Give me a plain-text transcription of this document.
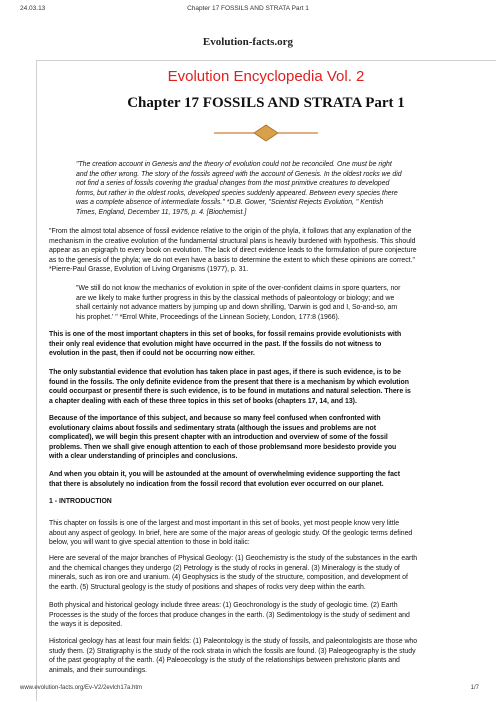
24.03.13	Chapter 17 FOSSILS AND STRATA Part 1
Evolution-facts.org
Evolution Encyclopedia Vol. 2
Chapter 17 FOSSILS AND STRATA Part 1
"The creation account in Genesis and the theory of evolution could not be reconciled. One must be right
and the other wrong. The story of the fossils agreed with the account of Genesis. In the oldest rocks we did
not find a series of fossils covering the gradual changes from the most primitive creatures to developed
forms, but rather in the oldest rocks, developed species suddenly appeared. Between every species there
was a complete absence of intermediate fossils." *D.B. Gower, "Scientist Rejects Evolution, " Kentish
Times, England, December 11, 1975, p. 4. [Biochemist.]
"From the almost total absence of fossil evidence relative to the origin of the phyla, it follows that any explanation of the
mechanism in the creative evolution of the fundamental structural plans is heavily burdened with hypothesis. This should
appear as an epigraph to every book on evolution. The lack of direct evidence leads to the formulation of pure conjecture
as to the genesis of the phyla; we do not even have a basis to determine the extent to which these opinions are correct."
*Pierre-Paul Grasse, Evolution of Living Organisms (1977), p. 31.
"We still do not know the mechanics of evolution in spite of the over-confident claims in spore quarters, nor
are we likely to make further progress in this by the classical methods of paleontology or biology; and we
shall certainly not advance matters by jumping up and down shrilling, 'Darwin is god and I, So-and-so, am
his prophet.' " *Errol White, Proceedings of the Linnean Society, London, 177:8 (1966).
This is one of the most important chapters in this set of books, for fossil remains provide evolutionists with
their only real evidence that evolution might have occurred in the past. If the fossils do not witness to
evolution in the past, then if could not be occurring now either.
The only substantial evidence that evolution has taken place in past ages, if there is such evidence, is to be
found in the fossils. The only definite evidence from the present that there is a mechanism by which evolution
could occurpast or presentif there is such evidence, is to be found in mutations and natural selection. There is
a chapter dealing with each of these three topics in this set of books (chapters 17, 14, and 13).
Because of the importance of this subject, and because so many feel confused when confronted with
evolutionary claims about fossils and sedimentary strata (although the issues and problems are not
complicated), we will begin this present chapter with an introduction and overview of some of the fossil
problems. Then we shall give enough attention to each of those problemsand more besidesto provide you
with a clear understanding of principles and conclusions.
And when you obtain it, you will be astounded at the amount of overwhelming evidence supporting the fact
that there is absolutely no indication from the fossil record that evolution ever occurred on our planet.
1 - INTRODUCTION
This chapter on fossils is one of the largest and most important in this set of books, yet most people know very little
about any aspect of geology. In brief, here are some of the major areas of geologic study. Of the geologic terms defined
below, you will want to give special attention to those in bold italic:
Here are several of the major branches of Physical Geology: (1) Geochemistry is the study of the substances in the earth
and the chemical changes they undergo (2) Petrology is the study of rocks in general. (3) Mineralogy is the study of
minerals, such as iron ore and uranium. (4) Geophysics is the study of the structure, composition, and development of
the earth. (5) Structural geology is the study of positions and shapes of rocks very deep within the earth.
Both physical and historical geology include three areas: (1) Geochronology is the study of geologic time. (2) Earth
Processes is the study of the forces that produce changes in the earth. (3) Sedimentology is the study of sediment and
the ways it is deposited.
Historical geology has at least four main fields: (1) Paleontology is the study of fossils, and paleontologists are those who
study them. (2) Stratigraphy is the study of the rock strata in which the fossils are found. (3) Paleogeography is the study
of the past geography of the earth. (4) Paleoecology is the study of the relationships between prehistoric plants and
animals, and their surroundings.
www.evolution-facts.org/Ev-V2/2evlch17a.htm	1/7
